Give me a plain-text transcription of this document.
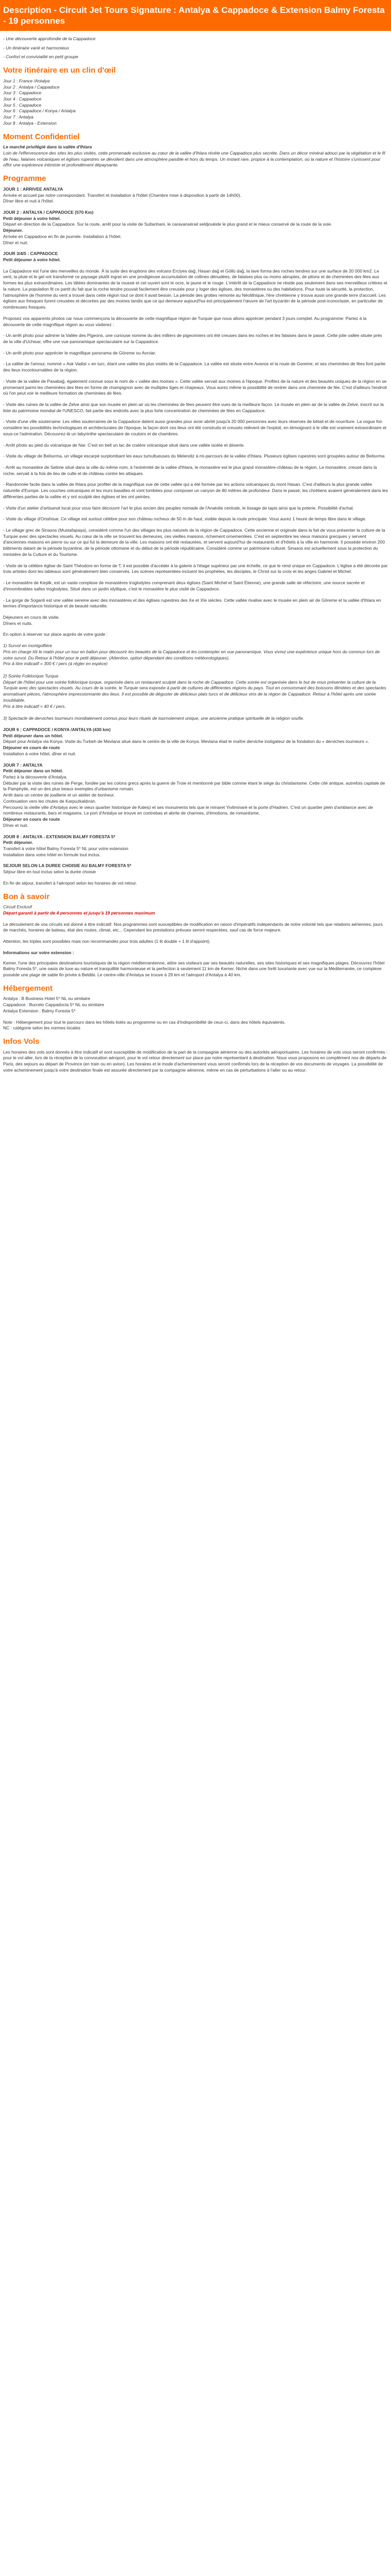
Description - Circuit Jet Tours Signature : Antalya & Cappadoce & Extension Balmy Foresta - 19 personnes
- Une découverte approfondie de la Cappadoce
- Un itinéraire varié et harmonieux
- Confort et convivialité en petit groupe
Votre itinéraire en un clin d'œil
Jour 1 : France /Antalya
Jour 2 : Antalya / Cappadoce
Jour 3 : Cappadoce
Jour 4 : Cappadoce
Jour 5 : Cappadoce
Jour 6 : Cappadoce / Konya / Antalya
Jour 7 : Antalya
Jour 8 : Antalya - Extension
Moment Confidentiel
Le marché privilégié dans la vallée d'Ihlara
Loin de l'effervescence des sites les plus visités, cette promenade exclusive au cœur de la vallée d'Ihlara révèle une Cappadoce plus secrète. Dans un décor minéral adouci par la végétation et le fil de l'eau, falaises volcaniques et églises rupestres se dévoilent dans une atmosphère paisible et hors du temps. Un instant rare, propice à la contemplation, où la nature et l'histoire s'unissent pour offrir une expérience intimiste et profondément dépaysante.
Programme
JOUR 1 : ARRIVEE ANTALYA
Arrivée et accueil par notre correspondant. Transfert et installation à l'hôtel (Chambre mise à disposition à partir de 14h00).
Dîner libre et nuit à l'hôtel.
JOUR 2 : ANTALYA / CAPPADOCE (570 Km)
Petit déjeuner à votre hôtel.
Départ en direction de la Cappadoce. Sur la route, arrêt pour la visite de Sultanhani, le caravansérail seldjoukide le plus grand et le mieux conservé de la route de la soie.
Déjeuner.
Arrivée en Cappadoce en fin de journée. Installation à l'hôtel.
Dîner et nuit.
JOUR 3/4/5 : CAPPADOCE
Petit déjeuner à votre hôtel.
La Cappadoce est l'une des merveilles du monde. À la suite des éruptions des volcans Erciyes dağ, Hasan dağ et Göllü dağ, la lave forma des roches tendres sur une surface de 20 000 km2. Le vent, la pluie et le gel ont transformé ce paysage plutôt ingrat en une prodigieuse accumulation de collines dénudées, de falaises plus ou moins abruptes, de pitons et de cheminées des fées aux formes les plus extraordinaires. Les tâtées dominantes de la roussé et cet ouvert sont le ocre, le jaune et le rouge. L'intérêt de la Cappadoce ne réside pas seulement dans ses merveilleux critères et la nature. La population fit ce partit du fait que la roche tendre pouvait facilement être creusée pour y loger des églises, des monastères ou des habitations. Pour toute la sécurité, la protection, l'atmosphère de l'homme du vent a trouvé dans cette région tout ce dont il avait besoin. La période des grottes remonte au Néolithique, l'ère chrétienne y trouva aussi une grande terre d'accueil. Les églises aux fresques furent creusées et décorées par des moines tandis que ce qui demeure aujourd'hui est principalement l'œuvre de l'art byzantin de la période post-iconoclaste, en particulier de nombreuses fresques.
Proposez vos apparents photos car nous commençons la découverte de cette magnifique région de Turquie que nous allons apprécier pendant 3 jours complet. Au programme: Partez à la découverte de cette magnifique région au vous visiterez :
- Un arrêt photo pour admirer la Vallée des Pigeons, une curiouse nomme du des milliers de pigeonniers ont été creuses dans les roches et les falaises dans le passé. Cette jolie vallée située près de la ville d'Uchisar, offre une vue panoramique spectaculaire sur la Cappadoce.
- Un arrêt photo pour apprécier le magnifique panorama de Göreme ou Avcılar.
- La vallée de l'amour, nommé « Ask Vadisi » en turc, étant une vallée les plus visités de la Cappadoce. La vallée est située entre Avanos et la route de Goreme, et ses cheminées de fées font partie des lieux incontournables de la région.
- Visite de la vallée de Pasabağ, également connue sous le nom de « vallée des moines ». Cette vallée servait aux moines à l'époque. Profitez de la nature et des beautés uniques de la région en se promenant parmi les cheminées des fées en forme de champignon avec de multiples tiges et chapeaux. Vous aurez même la possibilité de rentrer dans une cheminée de fée. C'est d'ailleurs l'endroit où l'on peut voir le meilleure formation de cheminées de fées.
- Visite des ruines de la vallée de Zelve ainsi que son musée en plein air où les cheminées de fées peuvent être vues de la meilleure façon. Le musée en plein air de la vallée de Zelve, inscrit sur la liste du patrimoine mondial de l'UNESCO, fait partie des endroits avec la plus forte concentration de cheminées de fées en Cappadoce.
- Visite d'une ville souterraine: Les villes souterraines de la Cappadoce datent aussi grandes pour avoir abrité jusqu'à 20 000 personnes avec leurs réserves de bétail et de nourriture. La vogue fon considère les possibilités technologiques et architecturales de l'époque, la façon dont ces lieux ont été construits et creusés relèvent de l'exploit, en témoignant à le ville est vraiment extraordinaire et sous-ce l'admiration. Découvrez-là un labyrinthe spectaculaire de couloirs et de chambres.
- Arrêt photo au pied du volcanique de Nar. C'est en bell un lac de cratère volcanique situé dans une vallée isolée et déserte.
- Visite du village de Belisırma, un village escarpé surplombant les eaux tumultueuses du Melendiz à mi-parcours de la vallée d'Ihlara. Plusieurs églises rupestres sont groupées autour de Belisırma
- Arrêt au monastère de Selime situé dans la ville du même nom, à l'extrémité de la vallée d'Ihlara, le monastère est le plus grand monastère-château de la région. Le monastère, creusé dans la roche, servait à la fois de lieu de culte et de château contre les attaques.
- Randonnée facile dans la vallée de Ihlara pour profiter de la magnifique vue de cette vallée qui a été formée par les actions volcaniques du mont Hasan. C'est d'ailleurs la plus grande vallée naturelle d'Europe. Les couches volcaniques et les murs basaltes et vont tombées pour composer un canyon de 80 mètres de profondeur. Dans le passé, les chrétiens avaient généralement dans les différentes parties de la vallée et y ont sculpté des églises et les ont peintes.
- Visite d'un atelier d'artisanat local pour vous faire découvrir l'art le plus ancien des peuples nomade de l'Anatolie centrale, le tissage de tapis ainsi que la poterie. Possibilité d'achat.
- Visite du village d'Ortahisar. Ce village est surtout célèbre pour son château rocheux de 50 m de haut, visible depuis la route principale. Vous aurez 1 heure de temps libre dans le village.
- Le village grec de Sinasos (Mustafapaşa), considéré comme l'un des villages les plus naturels de la région de Cappadoce. Cette ancienne et originale dans la fait de vous présenter la culture de la Turquie avec des spectacles visuels. Au cœur de la ville se trouvent les demeures, ces vieilles maisons, richement ornementées. C'est en septembre les vieux maisons grecques y servent d'anciennes maisons en pierre ou sur ce qui fut la demeure de la ville. Les maisons ont été restaurées, et servent aujourd'hui de restaurants et d'hôtels à la ville en harmonie. Il possède environ 200 bâtiments datant de la période byzantine, de la période ottomane et du début de la période républicaine. Considéré comme un patrimoine culturel. Sinasos est actuellement sous la protection du ministère de la Culture et du Tourisme.
- Visite de la célèbre église de Saint Théodore en forme de T, il est possible d'accéder à la galerie à l'étage supérieur par une échelle, ce que le rend unique en Cappadoce. L'église a été décorée par trois artistes dont les tableaux sont généralement bien conservés. Les scènes représentées incluent les prophètes, les disciples, le Christ sur la croix et les anges Gabriel et Michel.
- Le monastère de Keşlik, est un vaste complexe de monastères troglodytes comprenant deux églises (Saint Michel et Saint Étienne), une grande salle de réfectoire, une source sacrée et d'innombrables salles troglodytes. Situé dans un jardin idyllique, c'est le monastère le plus visité de Cappadoce.
- La gorge de Soganli est une vallée sereine avec des monastères et des églises rupestres des Xe et XIe siècles. Cette vallée rivalise avec le musée en plein air de Göreme et la vallée d'Ihlara en termes d'importance historique et de beauté naturelle.
Déjeuners en cours de visite.
Dîners et nuits.
En option à réserver sur place auprès de votre guide :
1) Survol en montgolfière
Pris en charge tôt le matin pour un tour en ballon pour découvrir les beautés de la Cappadoce et les contempler en vue panoramique. Vous vivrez une expérience unique hors du commun lors de votre survol. Du Retour à l'hôtel pour le petit déjeuner. (Attention, option dépendant des conditions météorologiques).
Prix à titre indicatif = 300 € / pers (à régler en espèce)
2) Soirée Folklorique Turque
Départ de l'hôtel pour une soirée folklorique turque, organisée dans un restaurant sculpté dans la roche de Cappadoce. Cette soirée est organisée dans le but de vous présenter la culture de la Turquie avec des spectacles visuels. Au cours de la soirée, le Turquie sera exposée à partir de cultures de différentes régions du pays. Tout en consommant des boissons illimitées et des spectacles aromatisant pièces, l'atmosphère impressionnante des lieux. Il est possible de déguster de délicieux plats turcs et de délicieux vins de la région de Cappadoce. Retour à l'hôtel après une soirée inoubliable.
Prix à titre indicatif = 40 € / pers.
3) Spectacle de derviches tourneurs mondialement connus pour leurs rituels de tournoiement unique, une ancienne pratique spirituelle de la religion soufie.
JOUR 6 : CAPPADOCE / KONYA /ANTALYA (430 km)
Petit déjeuner dans un hôtel.
Départ pour Antalya via Konya. Visite du Turbeh de Mevlana situé dans le centre de la ville de Konya. Mevlana était le maître derviche instigateur de la fondation du « derviches tourneurs ».
Déjeuner en cours de route
Installation à votre hôtel, dîner et nuit.
JOUR 7 : ANTALYA
Petit déjeuner dans un hôtel.
Partez à la découverte d'Antalya.
Débuter par la visite des ruines de Perge, fondée par les colons grecs après la guerre de Troie et mentionné par bible comme étant le siège du christianisme. Cette cité antique, autrefois capitale de la Pamphylie, est un des plus beaux exemples d'urbanisme romain.
Arrêt dans un centre de joaillerie et un atelier de bonheur.
Continuation vers les chutes de Karpuzkaldıran.
Percourez la vieille ville d'Antalya avec le vieux quartier historique de Kaleiçi et ses monuments tels que le minaret Yivliminaré et la porte d'Hadrien. C'est un quartier plein d'ambiance avec de nombreux restaurants, bars et magasins. Le port d'Antalya se trouve en contrebas et abrite de charmes, d'émotions, de romantisme.
Déjeuner en cours de route
Dîner et nuit.
JOUR 8 : ANTALYA - EXTENSION BALMY FORESTA 5*
Petit déjeuner.
Transfert à votre hôtel Balmy Foresta 5* NL pour votre extension
Installation dans votre hôtel en formule tout inclus.
SEJOUR SELON LA DUREE CHOISIE AU BALMY FORESTA 5*
Séjour libre en tout inclus selon la durée choisie
En fin de séjour, transfert à l'aéroport selon les horaires de vol retour.
Bon à savoir
Circuit Exclusif
Départ garanti à partir de 4 personnes et jusqu'à 19 personnes maximum
Le déroulement de vos circuits est donné à titre indicatif. Nos programmes sont susceptibles de modification en raison d'impératifs indépendants de notre volonté tels que relations aériennes, jours de marchés, horaires de bateau, état des routes, climat, etc... Cependant les prestations prévues seront respectées, sauf cas de force majeure.
Attention, les triples sont possibles mais non recommandés pour trois adultes (1 lit double + 1 lit d'appoint).
Informations sur votre extension :
Kemer, l'une des principales destinations touristiques de la région méditerranéenne, attire ses visiteurs par ses beautés naturelles, ses sites historiques et ses magnifiques plages. Découvrez l'hôtel Balmy Foresta 5*, une oasis de luxe au nature et tranquillité harmonieuse et la perfection à seulement 11 km de Kemer. Niché dans une forêt luxuriante avec vue sur la Méditerranée, ce complexe possède une plage de sable fin privée à Beldibi. Le centre-ville d'Antalya se trouve à 29 km et l'aéroport d'Antalya à 40 km.
Hébergement
Antalya : B Business Hotel 5* NL ou similaire
Cappadoce : Burcelo Cappadocia 5* NL ou similaire
Antalya Extension : Balmy Foresta 5*
Note : Hébergement pour tout le parcours dans les hôtels listés au programme ou en cas d'indisponibilité de ceux-ci, dans des hôtels équivalents.
NC : catégorie selon les normes locales
Infos Vols
Les horaires des vols sont donnés à titre indicatif et sont susceptible de modification de la part de la compagnie aérienne ou des autorités aéroportuaires. Les horaires de vols vous seront confirmés : pour le vol aller, lors de la réception de la convocation aéroport, pour le vol retour directement sur place par notre représentant à destination. Nous vous proposons en complément nos de départs de Paris, des sejours au départ de Province (en train ou en avion). Les horaires et le mode d'acheminement vous seront confirmés lors de la réception de vos documents de voyages. La possibilité de votre acheminement jusqu'à votre destination finale est assurée directement par la compagnie aérienne, même en cas de perturbations à l'aller ou au retour.
